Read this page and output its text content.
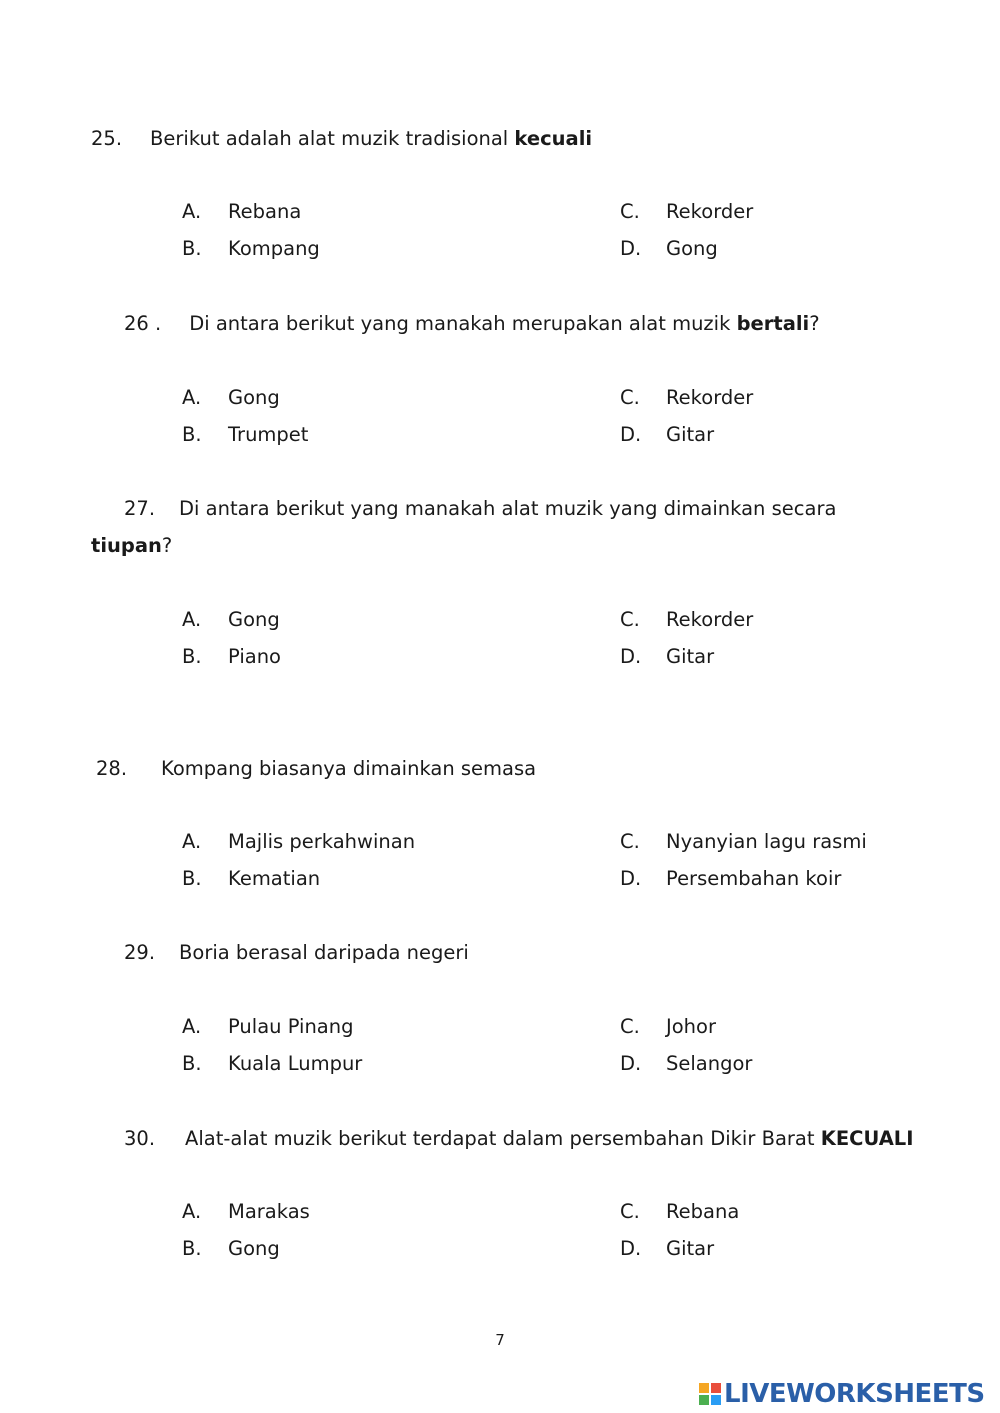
25. Berikut adalah alat muzik tradisional kecuali
A. Rebana
B. Kompang
C. Rekorder
D. Gong
26 . Di antara berikut yang manakah merupakan alat muzik bertali?
A. Gong
B. Trumpet
C. Rekorder
D. Gitar
27. Di antara berikut yang manakah alat muzik yang dimainkan secara
tiupan?
A. Gong
B. Piano
C. Rekorder
D. Gitar
28. Kompang biasanya dimainkan semasa
A. Majlis perkahwinan
B. Kematian
C. Nyanyian lagu rasmi
D. Persembahan koir
29. Boria berasal daripada negeri
A. Pulau Pinang
B. Kuala Lumpur
C. Johor
D. Selangor
30. Alat-alat muzik berikut terdapat dalam persembahan Dikir Barat KECUALI
A. Marakas
B. Gong
C. Rebana
D. Gitar
7
LIVEWORKSHEETS
